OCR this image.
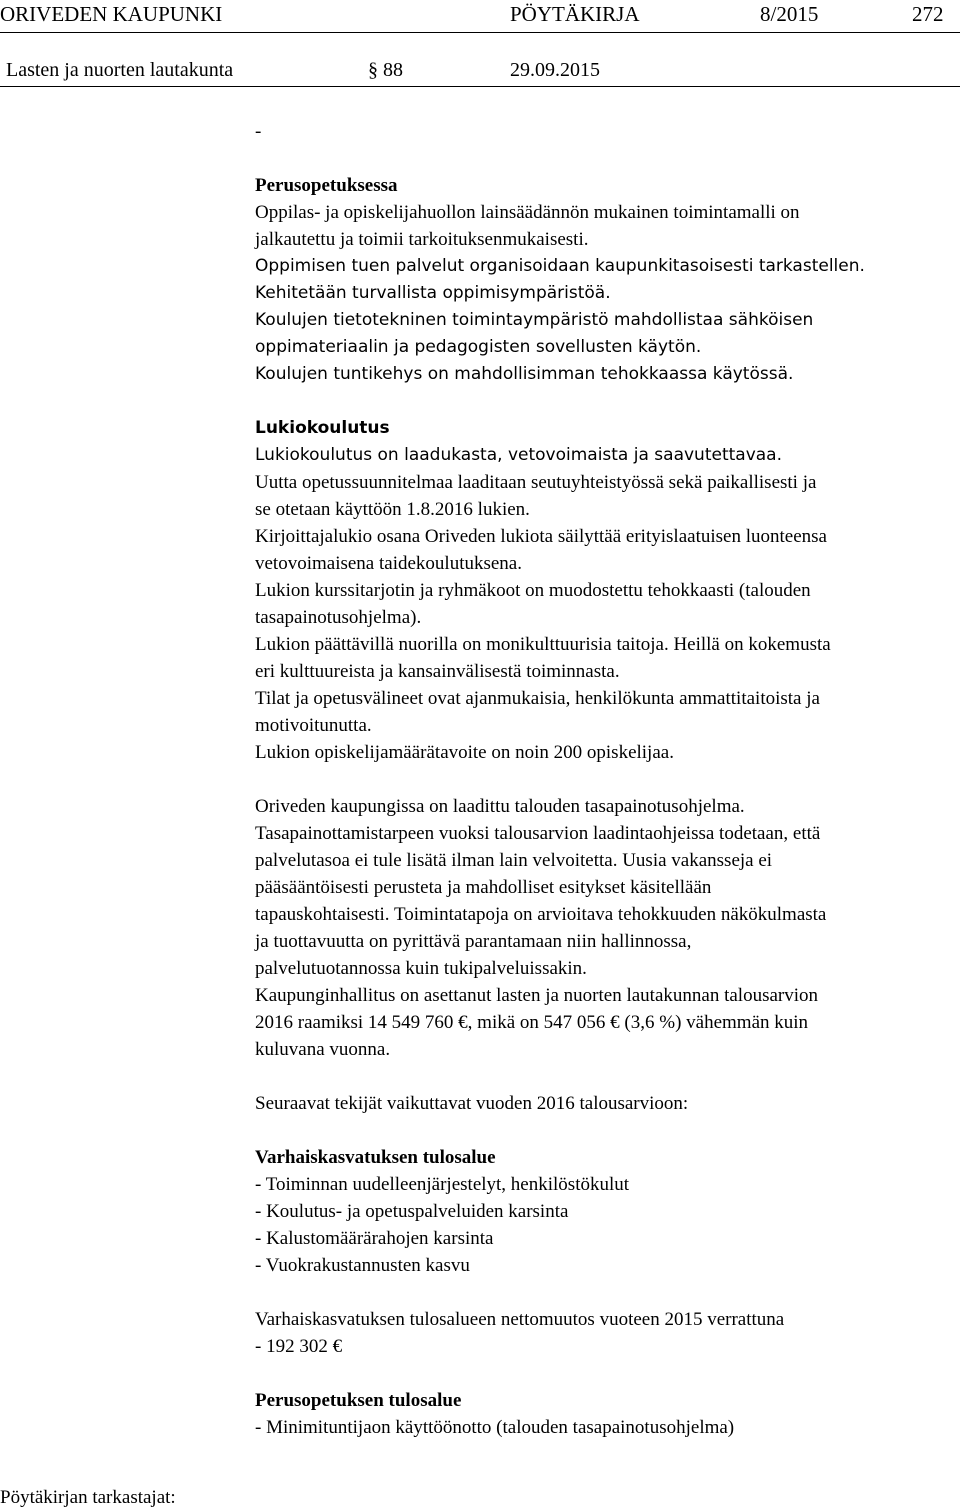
ORIVEDEN KAUPUNKI	PÖYTÄKIRJA	8/2015	272
Lasten ja nuorten lautakunta	§ 88	29.09.2015
-
Perusopetuksessa
Oppilas- ja opiskelijahuollon lainsäädännön mukainen toimintamalli on
jalkautettu ja toimii tarkoituksenmukaisesti.
Oppimisen tuen palvelut organisoidaan kaupunkitasoisesti tarkastellen.
Kehitetään turvallista oppimisympäristöä.
Koulujen tietotekninen toimintaympäristö mahdollistaa sähköisen
oppimateriaalin ja pedagogisten sovellusten käytön.
Koulujen tuntikehys on mahdollisimman tehokkaassa käytössä.
Lukiokoulutus
Lukiokoulutus on laadukasta, vetovoimaista ja saavutettavaa.
Uutta opetussuunnitelmaa laaditaan seutuyhteistyössä sekä paikallisesti ja
se otetaan käyttöön 1.8.2016 lukien.
Kirjoittajalukio osana Oriveden lukiota säilyttää erityislaatuisen luonteensa
vetovoimaisena taidekoulutuksena.
Lukion kurssitarjotin ja ryhmäkoot on muodostettu tehokkaasti (talouden
tasapainotusohjelma).
Lukion päättävillä nuorilla on monikulttuurisia taitoja. Heillä on kokemusta
eri kulttuureista ja kansainvälisestä toiminnasta.
Tilat ja opetusvälineet ovat ajanmukaisia, henkilökunta ammattitaitoista ja
motivoitunutta.
Lukion opiskelijamäärätavoite on noin 200 opiskelijaa.
Oriveden kaupungissa on laadittu talouden tasapainotusohjelma.
Tasapainottamistarpeen vuoksi talousarvion laadintaohjeissa todetaan, että
palvelutasoa ei tule lisätä ilman lain velvoitetta. Uusia vakansseja ei
pääsääntöisesti perusteta ja mahdolliset esitykset käsitellään
tapauskohtaisesti. Toimintatapoja on arvioitava tehokkuuden näkökulmasta
ja tuottavuutta on pyrittävä parantamaan niin hallinnossa,
palvelutuotannossa kuin tukipalveluissakin.
Kaupunginhallitus on asettanut lasten ja nuorten lautakunnan talousarvion
2016 raamiksi 14 549 760 €, mikä on 547 056 € (3,6 %) vähemmän kuin
kuluvana vuonna.
Seuraavat tekijät vaikuttavat vuoden 2016 talousarvioon:
Varhaiskasvatuksen tulosalue
- Toiminnan uudelleenjärjestelyt, henkilöstökulut
- Koulutus- ja opetuspalveluiden karsinta
- Kalustomäärärahojen karsinta
- Vuokrakustannusten kasvu
Varhaiskasvatuksen tulosalueen nettomuutos vuoteen 2015 verrattuna
- 192 302 €
Perusopetuksen tulosalue
- Minimituntijaon käyttöönotto (talouden tasapainotusohjelma)
Pöytäkirjan tarkastajat:
